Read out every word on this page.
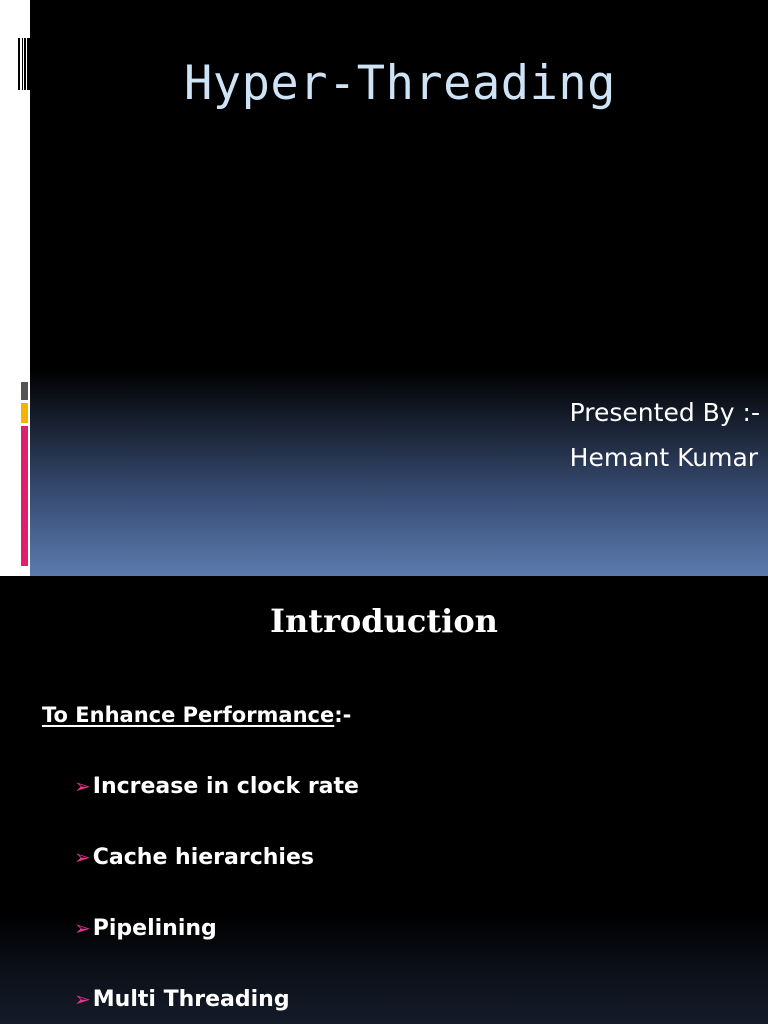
Hyper-Threading
Presented By :-
Hemant Kumar
Introduction
To Enhance Performance:-
➢Increase in clock rate
➢Cache hierarchies
➢Pipelining
➢Multi Threading
